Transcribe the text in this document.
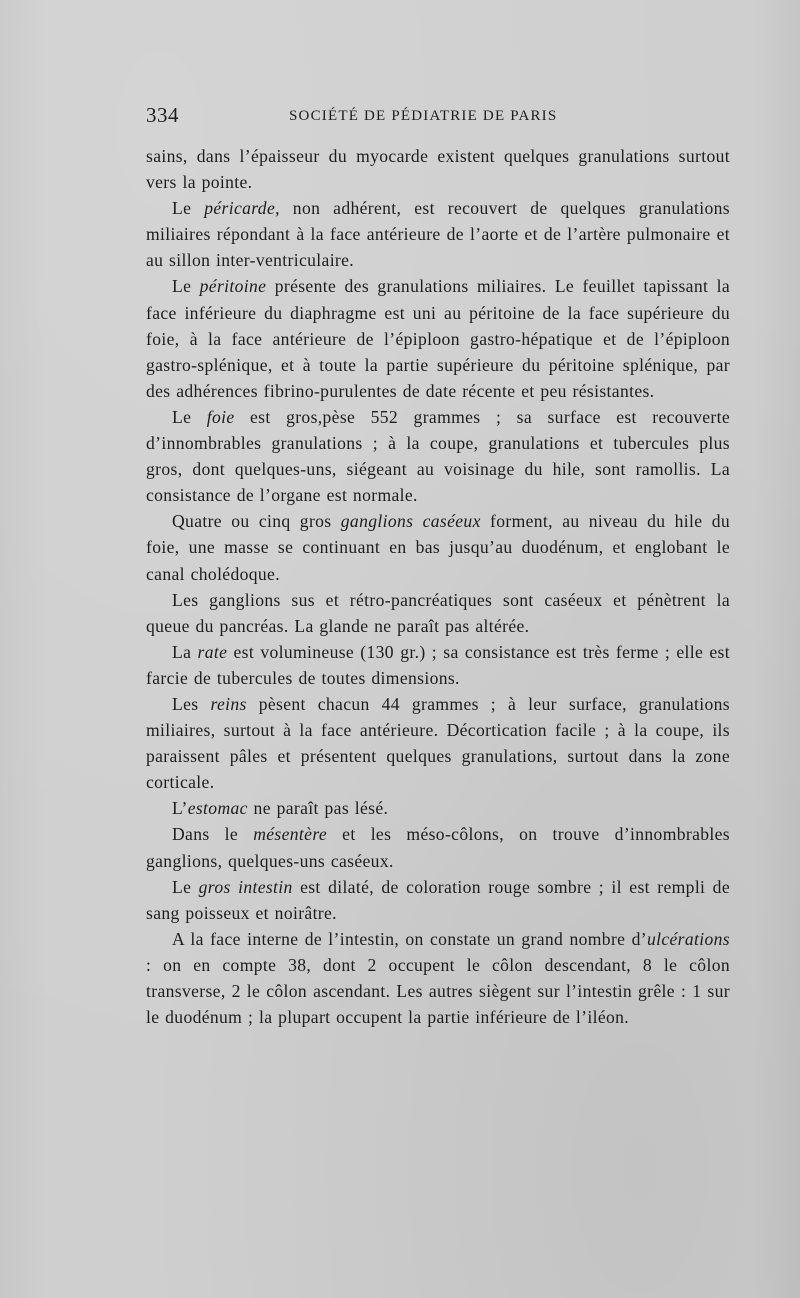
334	SOCIÉTÉ DE PÉDIATRIE DE PARIS

sains, dans l’épaisseur du myocarde existent quelques granulations surtout vers la pointe.

Le péricarde, non adhérent, est recouvert de quelques granulations miliaires répondant à la face antérieure de l’aorte et de l’artère pulmonaire et au sillon inter-ventriculaire.

Le péritoine présente des granulations miliaires. Le feuillet tapissant la face inférieure du diaphragme est uni au péritoine de la face supérieure du foie, à la face antérieure de l’épiploon gastro-hépatique et de l’épiploon gastro-splénique, et à toute la partie supérieure du péritoine splénique, par des adhérences fibrino-purulentes de date récente et peu résistantes.

Le foie est gros,pèse 552 grammes ; sa surface est recouverte d’innombrables granulations ; à la coupe, granulations et tubercules plus gros, dont quelques-uns, siégeant au voisinage du hile, sont ramollis. La consistance de l’organe est normale.

Quatre ou cinq gros ganglions caséeux forment, au niveau du hile du foie, une masse se continuant en bas jusqu’au duodénum, et englobant le canal cholédoque.

Les ganglions sus et rétro-pancréatiques sont caséeux et pénètrent la queue du pancréas. La glande ne paraît pas altérée.

La rate est volumineuse (130 gr.) ; sa consistance est très ferme ; elle est farcie de tubercules de toutes dimensions.

Les reins pèsent chacun 44 grammes ; à leur surface, granulations miliaires, surtout à la face antérieure. Décortication facile ; à la coupe, ils paraissent pâles et présentent quelques granulations, surtout dans la zone corticale.

L’estomac ne paraît pas lésé.

Dans le mésentère et les méso-côlons, on trouve d’innombrables ganglions, quelques-uns caséeux.

Le gros intestin est dilaté, de coloration rouge sombre ; il est rempli de sang poisseux et noirâtre.

A la face interne de l’intestin, on constate un grand nombre d’ulcérations : on en compte 38, dont 2 occupent le côlon descendant, 8 le côlon transverse, 2 le côlon ascendant. Les autres siègent sur l’intestin grêle : 1 sur le duodénum ; la plupart occupent la partie inférieure de l’iléon.
